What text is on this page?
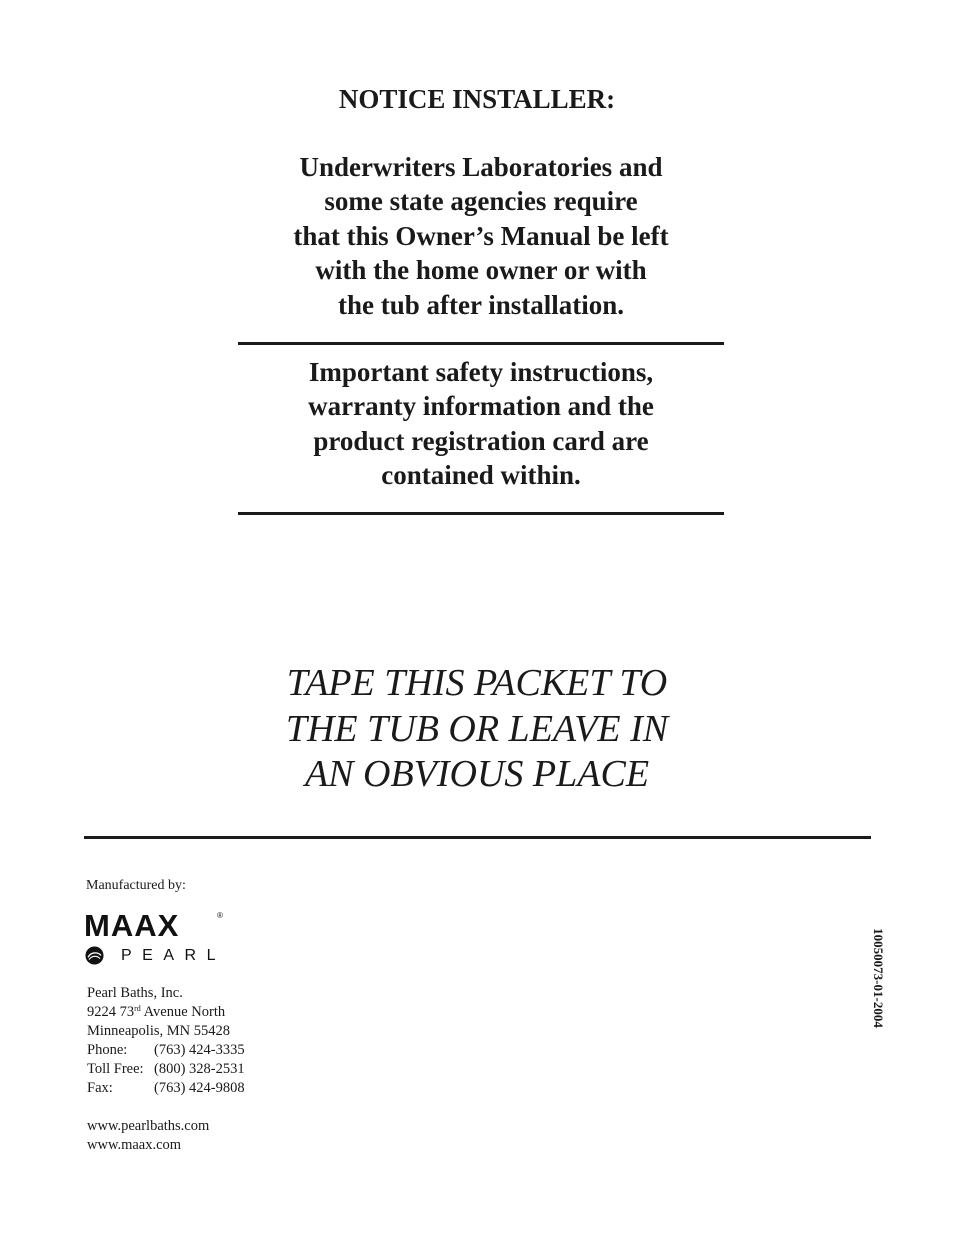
NOTICE INSTALLER:

Underwriters Laboratories and
some state agencies require
that this Owner’s Manual be left
with the home owner or with
the tub after installation.

Important safety instructions,
warranty information and the
product registration card are
contained within.

TAPE THIS PACKET TO
THE TUB OR LEAVE IN
AN OBVIOUS PLACE

Manufactured by:

MAAX	®
PEARL

Pearl Baths, Inc.
9224 73rd Avenue North
Minneapolis, MN 55428
Phone: (763) 424-3335
Toll Free: (800) 328-2531
Fax:	(763) 424-9808

www.pearlbaths.com
www.maax.com

10050073-01-2004
